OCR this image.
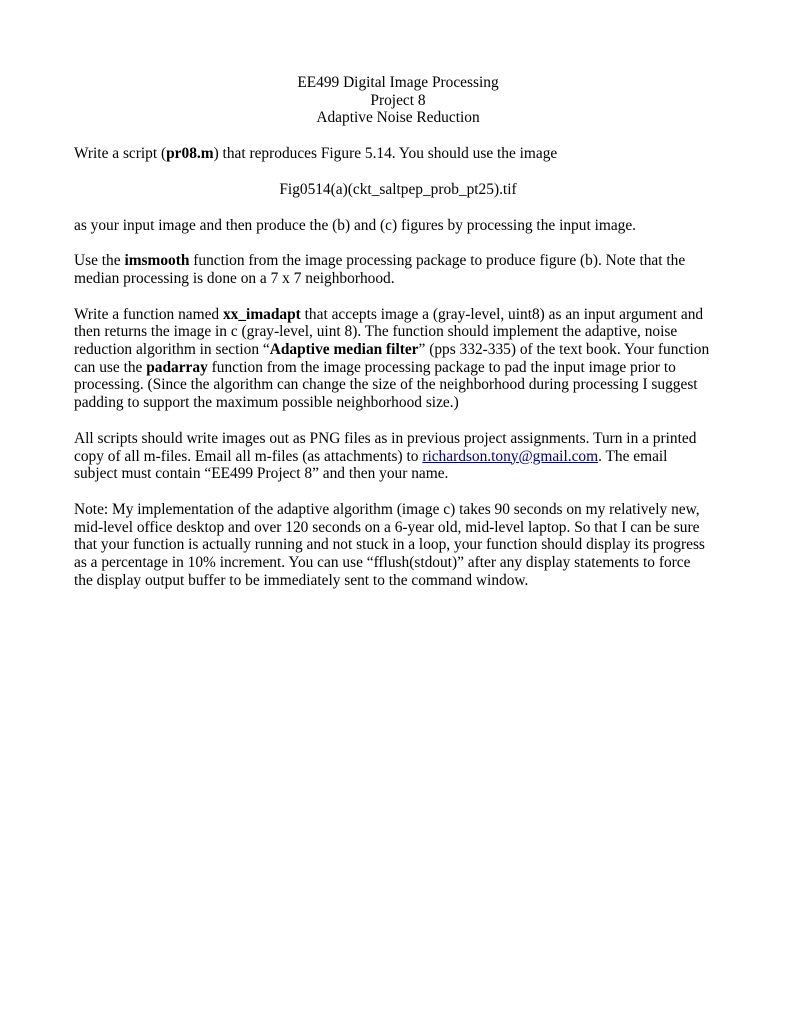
EE499 Digital Image Processing
Project 8
Adaptive Noise Reduction

Write a script (pr08.m) that reproduces Figure 5.14. You should use the image

Fig0514(a)(ckt_saltpep_prob_pt25).tif

as your input image and then produce the (b) and (c) figures by processing the input image.

Use the imsmooth function from the image processing package to produce figure (b). Note that the
median processing is done on a 7 x 7 neighborhood.

Write a function named xx_imadapt that accepts image a (gray-level, uint8) as an input argument and
then returns the image in c (gray-level, uint 8). The function should implement the adaptive, noise
reduction algorithm in section “Adaptive median filter” (pps 332-335) of the text book. Your function
can use the padarray function from the image processing package to pad the input image prior to
processing. (Since the algorithm can change the size of the neighborhood during processing I suggest
padding to support the maximum possible neighborhood size.)

All scripts should write images out as PNG files as in previous project assignments. Turn in a printed
copy of all m-files. Email all m-files (as attachments) to richardson.tony@gmail.com. The email
subject must contain “EE499 Project 8” and then your name.

Note: My implementation of the adaptive algorithm (image c) takes 90 seconds on my relatively new,
mid-level office desktop and over 120 seconds on a 6-year old, mid-level laptop. So that I can be sure
that your function is actually running and not stuck in a loop, your function should display its progress
as a percentage in 10% increment. You can use “fflush(stdout)” after any display statements to force
the display output buffer to be immediately sent to the command window.
